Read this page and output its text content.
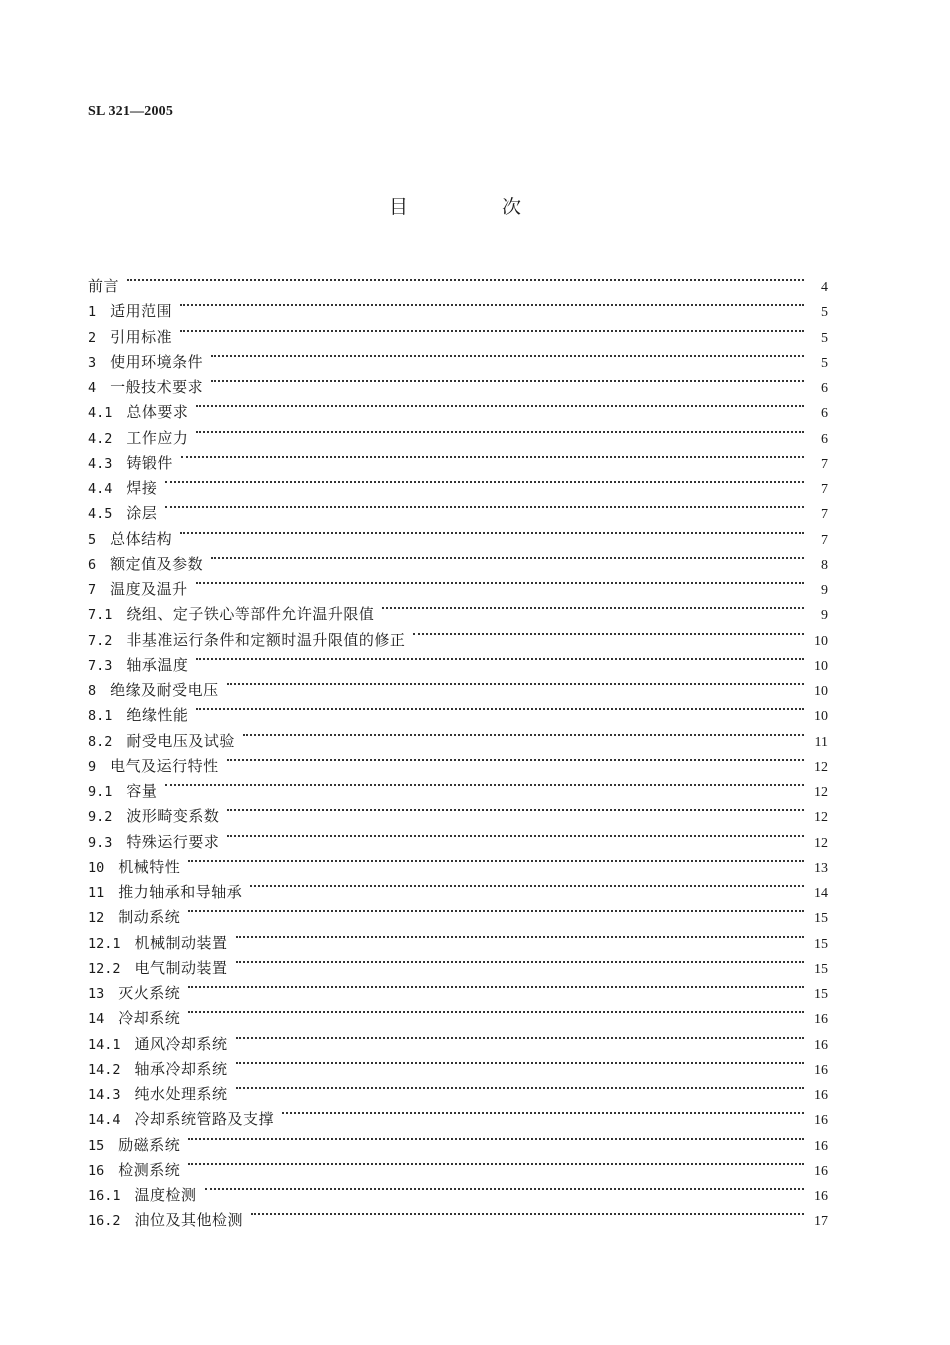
SL 321—2005
目 次
前言	4
1 适用范围	5
2 引用标准	5
3 使用环境条件	5
4 一般技术要求	6
4.1 总体要求	6
4.2 工作应力	6
4.3 铸锻件	7
4.4 焊接	7
4.5 涂层	7
5 总体结构	7
6 额定值及参数	8
7 温度及温升	9
7.1 绕组、定子铁心等部件允许温升限值	9
7.2 非基准运行条件和定额时温升限值的修正	10
7.3 轴承温度	10
8 绝缘及耐受电压	10
8.1 绝缘性能	10
8.2 耐受电压及试验	11
9 电气及运行特性	12
9.1 容量	12
9.2 波形畸变系数	12
9.3 特殊运行要求	12
10 机械特性	13
11 推力轴承和导轴承	14
12 制动系统	15
12.1 机械制动装置	15
12.2 电气制动装置	15
13 灭火系统	15
14 冷却系统	16
14.1 通风冷却系统	16
14.2 轴承冷却系统	16
14.3 纯水处理系统	16
14.4 冷却系统管路及支撑	16
15 励磁系统	16
16 检测系统	16
16.1 温度检测	16
16.2 油位及其他检测	17
